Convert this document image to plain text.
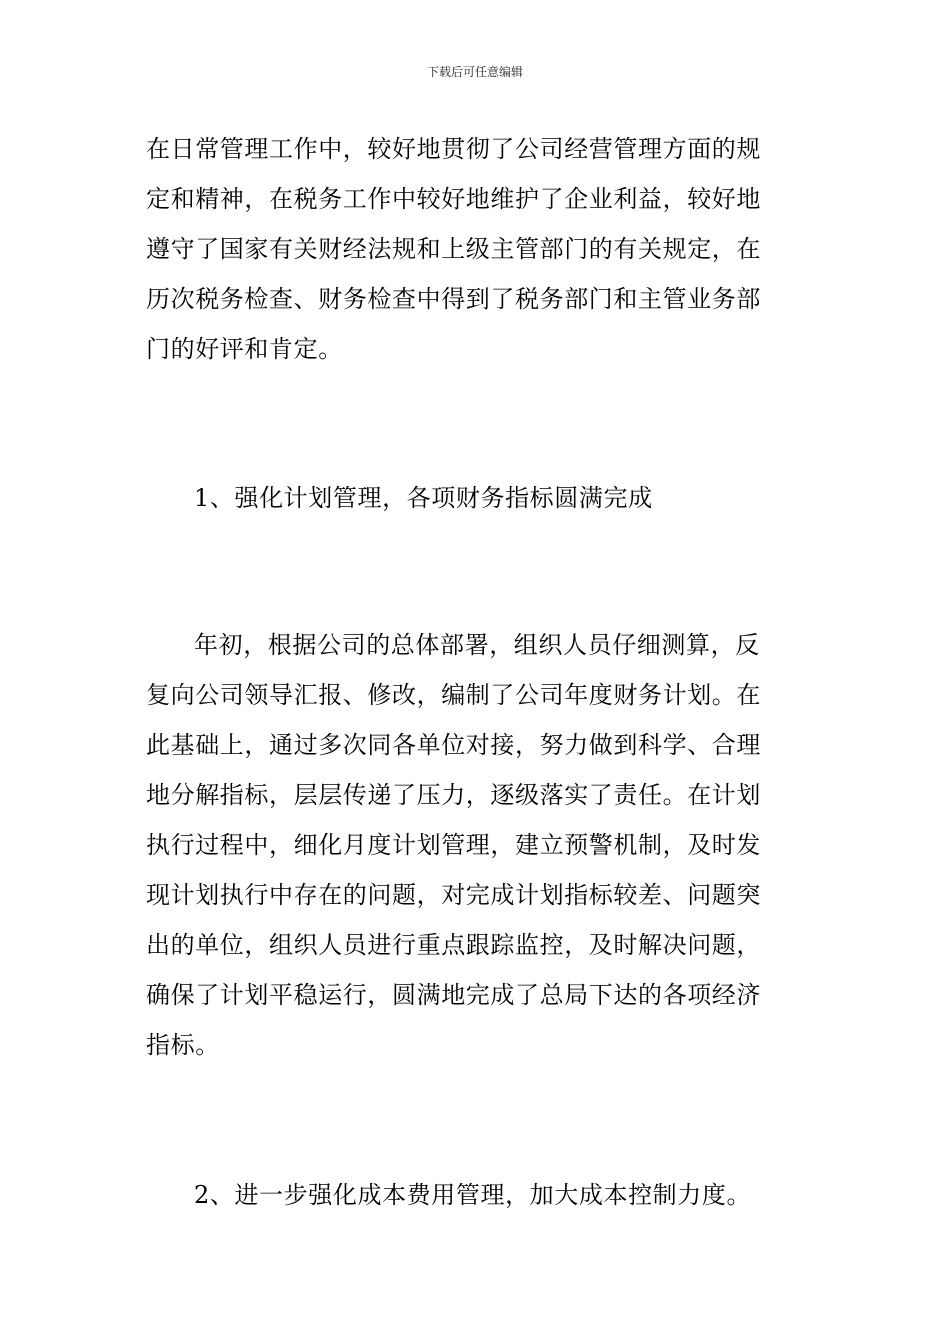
下载后可任意编辑
在日常管理工作中，较好地贯彻了公司经营管理方面的规
定和精神，在税务工作中较好地维护了企业利益，较好地
遵守了国家有关财经法规和上级主管部门的有关规定，在
历次税务检查、财务检查中得到了税务部门和主管业务部
门的好评和肯定。
1、强化计划管理，各项财务指标圆满完成
年初，根据公司的总体部署，组织人员仔细测算，反
复向公司领导汇报、修改，编制了公司年度财务计划。在
此基础上，通过多次同各单位对接，努力做到科学、合理
地分解指标，层层传递了压力，逐级落实了责任。在计划
执行过程中，细化月度计划管理，建立预警机制，及时发
现计划执行中存在的问题，对完成计划指标较差、问题突
出的单位，组织人员进行重点跟踪监控，及时解决问题，
确保了计划平稳运行，圆满地完成了总局下达的各项经济
指标。
2、进一步强化成本费用管理，加大成本控制力度。
